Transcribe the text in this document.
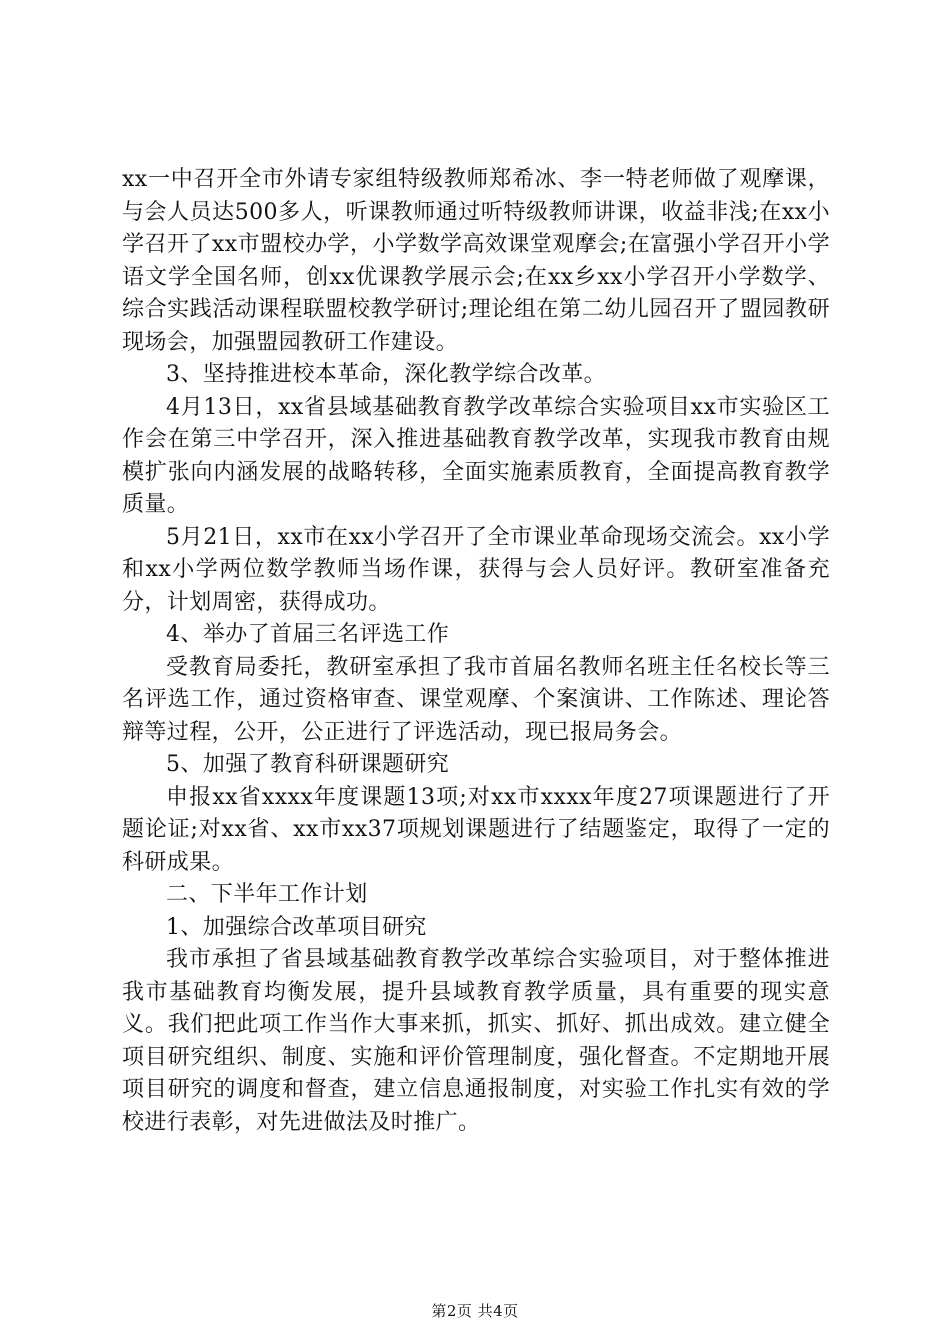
xx一中召开全市外请专家组特级教师郑希冰、李一特老师做了观摩课，与会人员达500多人，听课教师通过听特级教师讲课，收益非浅;在xx小学召开了xx市盟校办学，小学数学高效课堂观摩会;在富强小学召开小学语文学全国名师，创xx优课教学展示会;在xx乡xx小学召开小学数学、综合实践活动课程联盟校教学研讨;理论组在第二幼儿园召开了盟园教研现场会，加强盟园教研工作建设。

3、坚持推进校本革命，深化教学综合改革。

4月13日，xx省县域基础教育教学改革综合实验项目xx市实验区工作会在第三中学召开，深入推进基础教育教学改革，实现我市教育由规模扩张向内涵发展的战略转移，全面实施素质教育，全面提高教育教学质量。

5月21日，xx市在xx小学召开了全市课业革命现场交流会。xx小学和xx小学两位数学教师当场作课，获得与会人员好评。教研室准备充分，计划周密，获得成功。

4、举办了首届三名评选工作

受教育局委托，教研室承担了我市首届名教师名班主任名校长等三名评选工作，通过资格审查、课堂观摩、个案演讲、工作陈述、理论答辩等过程，公开，公正进行了评选活动，现已报局务会。

5、加强了教育科研课题研究

申报xx省xxxx年度课题13项;对xx市xxxx年度27项课题进行了开题论证;对xx省、xx市xx37项规划课题进行了结题鉴定，取得了一定的科研成果。

二、下半年工作计划

1、加强综合改革项目研究

我市承担了省县域基础教育教学改革综合实验项目，对于整体推进我市基础教育均衡发展，提升县域教育教学质量，具有重要的现实意义。我们把此项工作当作大事来抓，抓实、抓好、抓出成效。建立健全项目研究组织、制度、实施和评价管理制度，强化督查。不定期地开展项目研究的调度和督查，建立信息通报制度，对实验工作扎实有效的学校进行表彰，对先进做法及时推广。

第2页 共4页
